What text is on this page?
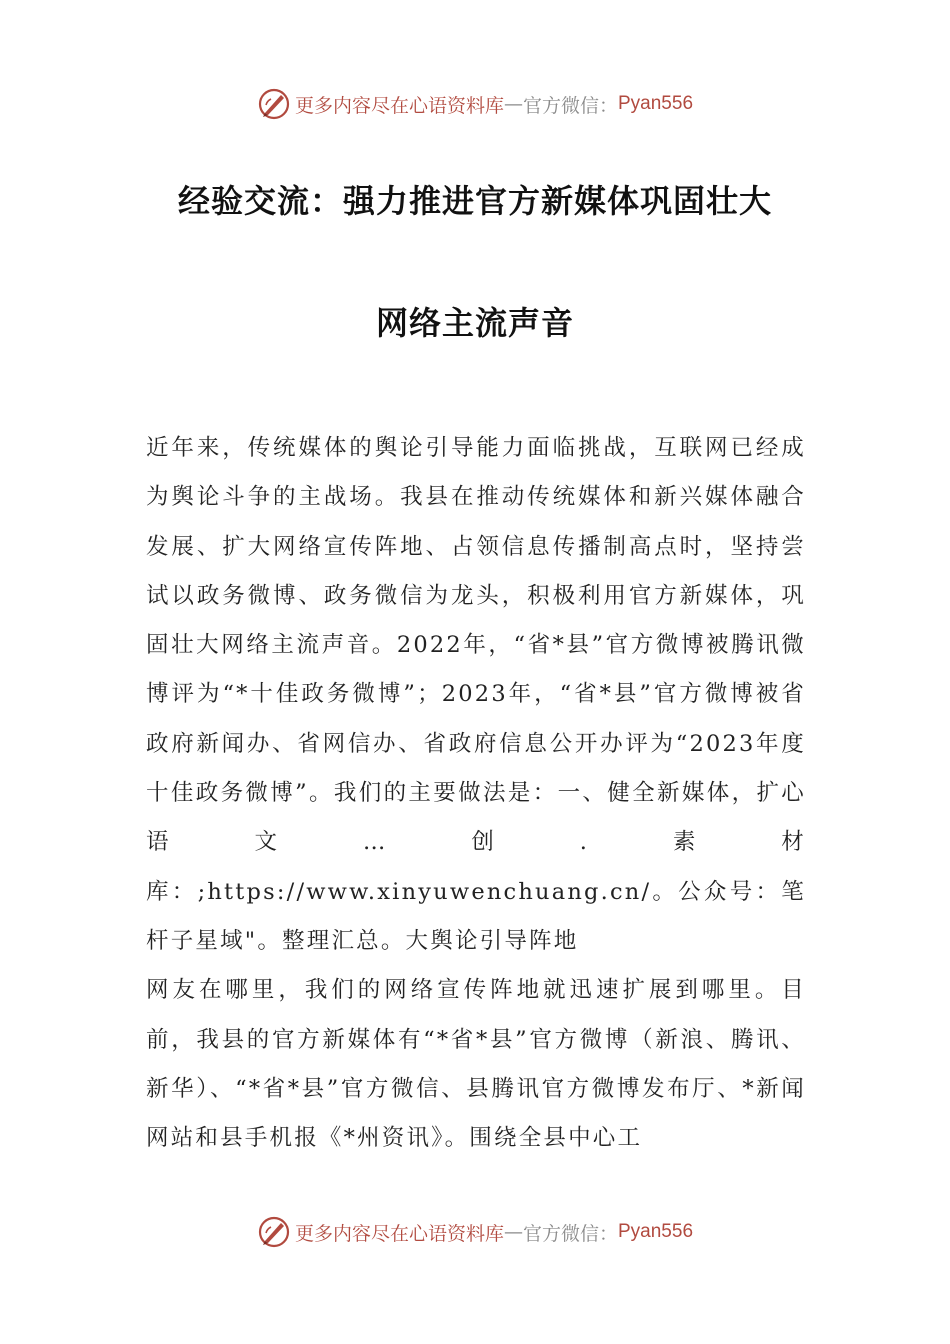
更多内容尽在心语资料库 — 官方微信： Pyan556
经验交流：强力推进官方新媒体巩固壮大
网络主流声音

近年来，传统媒体的舆论引导能力面临挑战，互联网已经成为舆论斗争的主战场。我县在推动传统媒体和新兴媒体融合发展、扩大网络宣传阵地、占领信息传播制高点时，坚持尝试以政务微博、政务微信为龙头，积极利用官方新媒体，巩固壮大网络主流声音。2022年，“省*县”官方微博被腾讯微博评为“*十佳政务微博”；2023年，“省*县”官方微博被省政府新闻办、省网信办、省政府信息公开办评为“2023年度十佳政务微博”。我们的主要做法是：一、健全新媒体，扩心语文…创.素材库：;https://www.xinyuwenchuang.cn/。公众号：笔杆子星域"。整理汇总。大舆论引导阵地

网友在哪里，我们的网络宣传阵地就迅速扩展到哪里。目前，我县的官方新媒体有“*省*县”官方微博（新浪、腾讯、新华）、“*省*县”官方微信、县腾讯官方微博发布厅、*新闻网站和县手机报《*州资讯》。围绕全县中心工

更多内容尽在心语资料库 — 官方微信： Pyan556
